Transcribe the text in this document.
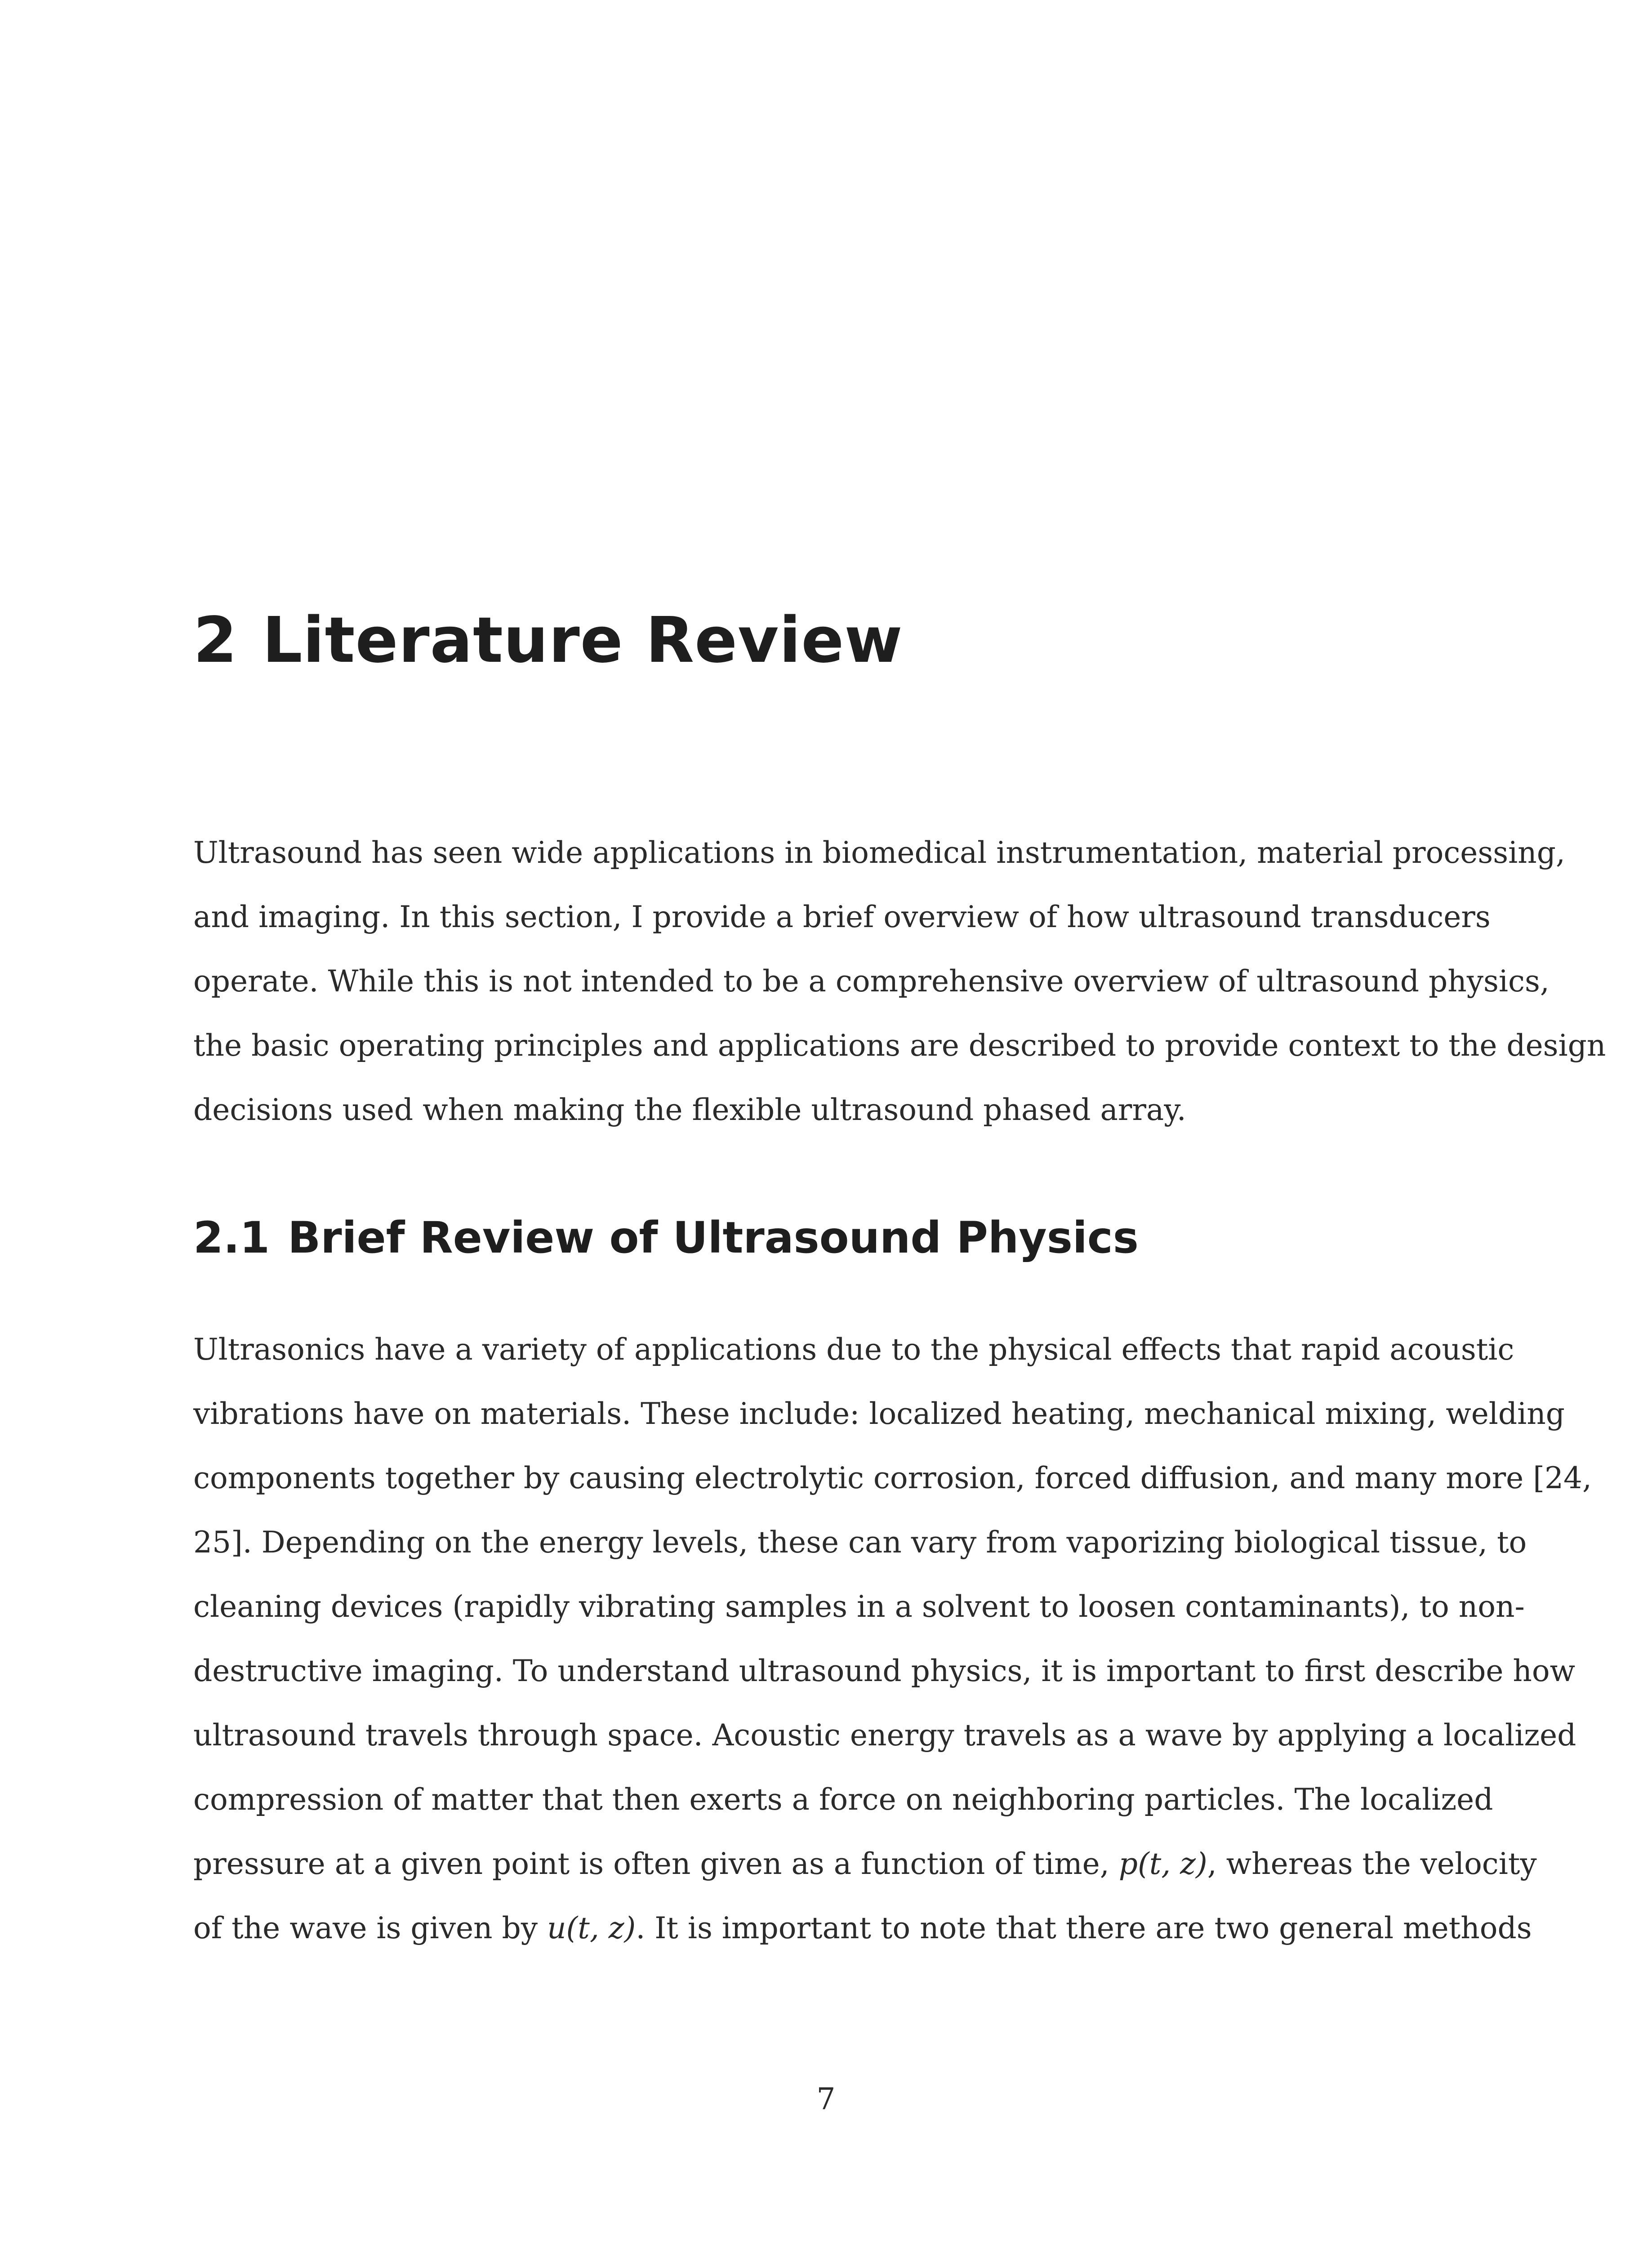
2 Literature Review
Ultrasound has seen wide applications in biomedical instrumentation, material processing,
and imaging. In this section, I provide a brief overview of how ultrasound transducers
operate. While this is not intended to be a comprehensive overview of ultrasound physics,
the basic operating principles and applications are described to provide context to the design
decisions used when making the flexible ultrasound phased array.
2.1 Brief Review of Ultrasound Physics
Ultrasonics have a variety of applications due to the physical effects that rapid acoustic
vibrations have on materials. These include: localized heating, mechanical mixing, welding
components together by causing electrolytic corrosion, forced diffusion, and many more [24,
25]. Depending on the energy levels, these can vary from vaporizing biological tissue, to
cleaning devices (rapidly vibrating samples in a solvent to loosen contaminants), to non-
destructive imaging. To understand ultrasound physics, it is important to first describe how
ultrasound travels through space. Acoustic energy travels as a wave by applying a localized
compression of matter that then exerts a force on neighboring particles. The localized
pressure at a given point is often given as a function of time, p(t, z), whereas the velocity
of the wave is given by u(t, z). It is important to note that there are two general methods
7
